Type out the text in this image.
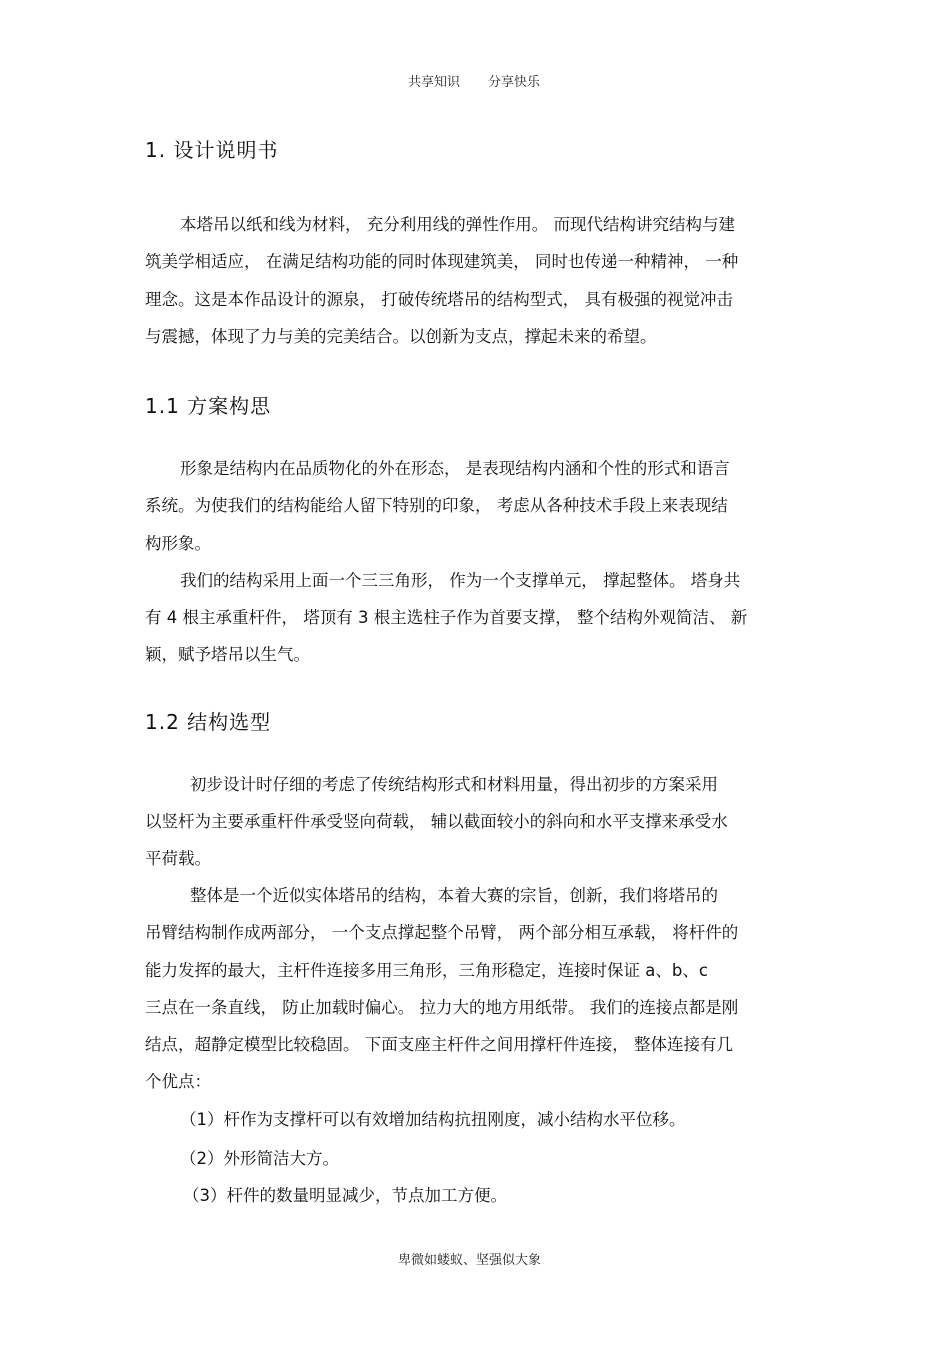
共享知识 分享快乐
1. 设计说明书
本塔吊以纸和线为材料， 充分利用线的弹性作用。 而现代结构讲究结构与建
筑美学相适应， 在满足结构功能的同时体现建筑美， 同时也传递一种精神， 一种
理念。这是本作品设计的源泉， 打破传统塔吊的结构型式， 具有极强的视觉冲击
与震撼，体现了力与美的完美结合。以创新为支点，撑起未来的希望。
1.1 方案构思
形象是结构内在品质物化的外在形态， 是表现结构内涵和个性的形式和语言
系统。为使我们的结构能给人留下特别的印象， 考虑从各种技术手段上来表现结
构形象。
我们的结构采用上面一个三三角形， 作为一个支撑单元， 撑起整体。 塔身共
有 4 根主承重杆件， 塔顶有 3 根主选柱子作为首要支撑， 整个结构外观简洁、 新
颖，赋予塔吊以生气。
1.2 结构选型
初步设计时仔细的考虑了传统结构形式和材料用量，得出初步的方案采用
以竖杆为主要承重杆件承受竖向荷载， 辅以截面较小的斜向和水平支撑来承受水
平荷载。
整体是一个近似实体塔吊的结构，本着大赛的宗旨，创新，我们将塔吊的
吊臂结构制作成两部分， 一个支点撑起整个吊臂， 两个部分相互承载， 将杆件的
能力发挥的最大，主杆件连接多用三角形，三角形稳定，连接时保证 a、b、c
三点在一条直线， 防止加载时偏心。 拉力大的地方用纸带。 我们的连接点都是刚
结点，超静定模型比较稳固。 下面支座主杆件之间用撑杆件连接， 整体连接有几
个优点：
（1）杆作为支撑杆可以有效增加结构抗扭刚度，减小结构水平位移。
（2）外形简洁大方。
（3）杆件的数量明显减少，节点加工方便。
卑微如蝼蚁、坚强似大象
